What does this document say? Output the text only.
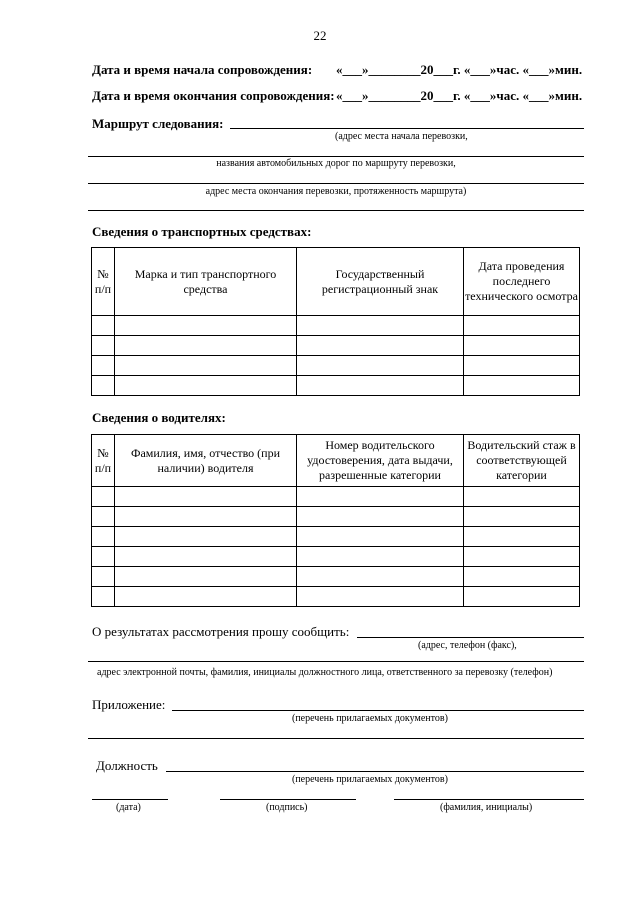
22
Дата и время начала сопровождения: «___»________20___г. «___»час. «___»мин.
Дата и время окончания сопровождения: «___»________20___г. «___»час. «___»мин.
Маршрут следования:
(адрес места начала перевозки,
названия автомобильных дорог по маршруту перевозки,
адрес места окончания перевозки, протяженность маршрута)
Сведения о транспортных средствах:
№ п/п	Марка и тип транспортного средства	Государственный регистрационный знак	Дата проведения последнего технического осмотра

Сведения о водителях:
№ п/п	Фамилия, имя, отчество (при наличии) водителя	Номер водительского удостоверения, дата выдачи, разрешенные категории	Водительский стаж в соответствующей категории

О результатах рассмотрения прошу сообщить:
(адрес, телефон (факс),
адрес электронной почты, фамилия, инициалы должностного лица, ответственного за перевозку (телефон)
Приложение:
(перечень прилагаемых документов)
Должность
(перечень прилагаемых документов)
(дата)	(подпись)	(фамилия, инициалы)
